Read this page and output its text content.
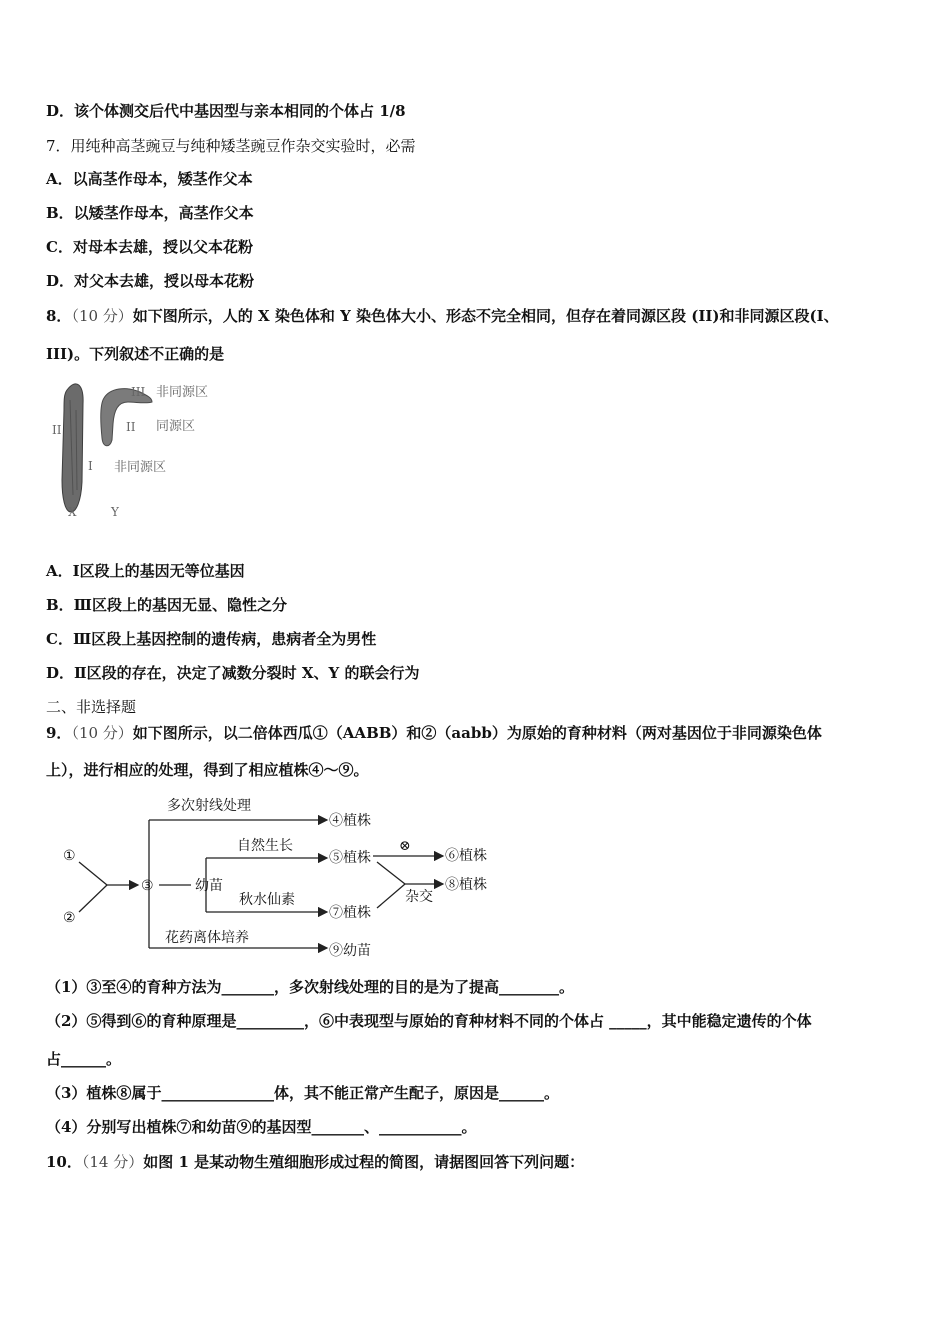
D．该个体测交后代中基因型与亲本相同的个体占 1/8
7．用纯种高茎豌豆与纯种矮茎豌豆作杂交实验时，必需
A．以高茎作母本，矮茎作父本
B．以矮茎作母本，高茎作父本
C．对母本去雄，授以父本花粉
D．对父本去雄，授以母本花粉
8．（10 分）如下图所示，人的 X 染色体和 Y 染色体大小、形态不完全相同，但存在着同源区段 (II)和非同源区段(I、
III)。下列叙述不正确的是
II
III 非同源区
II 同源区
I 非同源区
X	Y
A．Ⅰ区段上的基因无等位基因
B．Ⅲ区段上的基因无显、隐性之分
C．Ⅲ区段上基因控制的遗传病，患病者全为男性
D．Ⅱ区段的存在，决定了减数分裂时 X、Y 的联会行为
二、非选择题
9．（10 分）如下图所示，以二倍体西瓜①（AABB）和②（aabb）为原始的育种材料（两对基因位于非同源染色体
上），进行相应的处理，得到了相应植株④～⑨。
①
②
③	幼苗
多次射线处理
④植株
自然生长
⑤植株
⊗
⑥植株
⑧植株
杂交
秋水仙素
⑦植株
花药离体培养
⑨幼苗
（1）③至④的育种方法为_______，多次射线处理的目的是为了提高________。
（2）⑤得到⑥的育种原理是_________，⑥中表现型与原始的育种材料不同的个体占 _____，其中能稳定遗传的个体
占______。
（3）植株⑧属于_______________体，其不能正常产生配子，原因是______。
（4）分别写出植株⑦和幼苗⑨的基因型_______、___________。
10．（14 分）如图 1 是某动物生殖细胞形成过程的简图，请据图回答下列问题：
